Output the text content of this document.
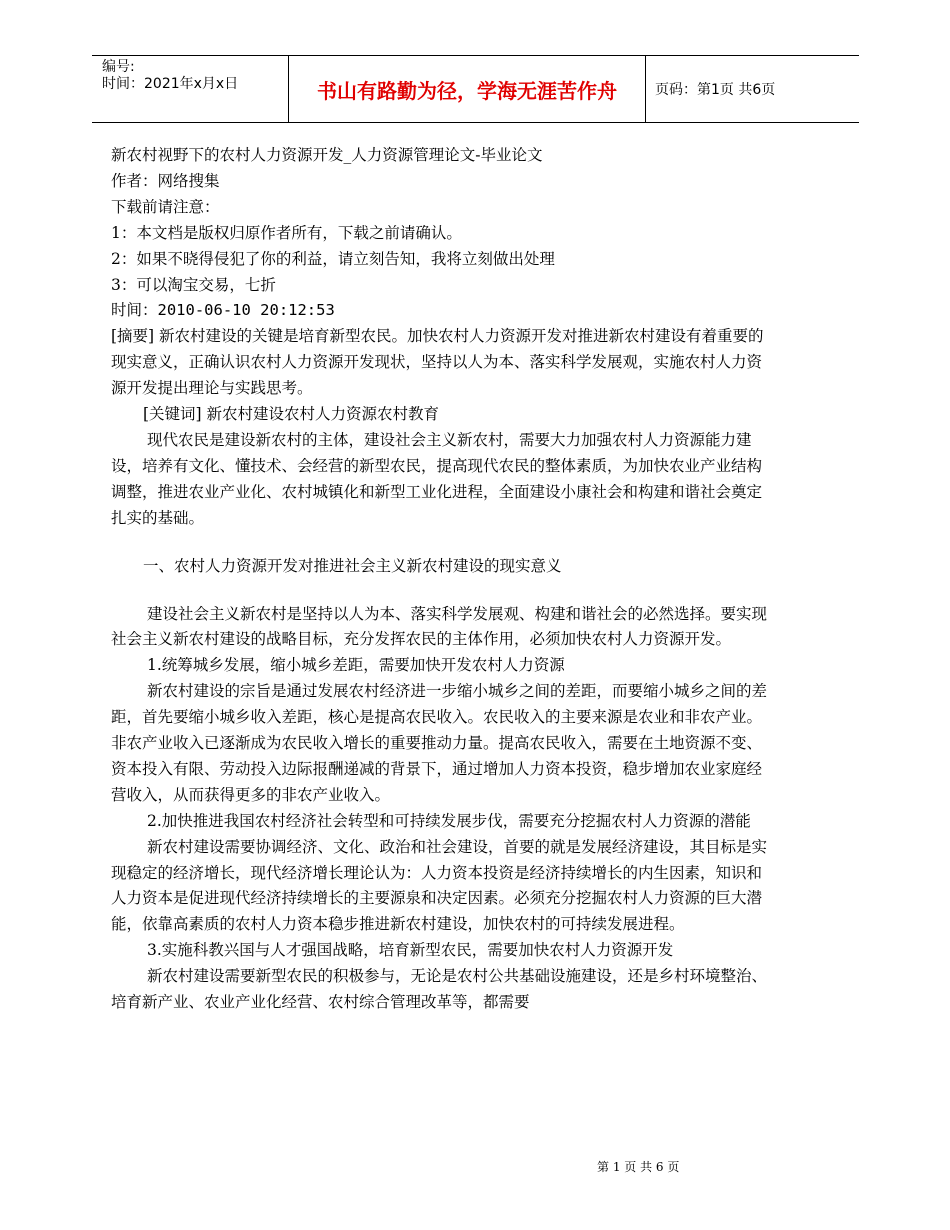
编号:
时间：2021年x月x日	书山有路勤为径，学海无涯苦作舟	页码：第1页 共6页

新农村视野下的农村人力资源开发_人力资源管理论文-毕业论文

作者：网络搜集

下载前请注意：

1：本文档是版权归原作者所有，下载之前请确认。

2：如果不晓得侵犯了你的利益，请立刻告知，我将立刻做出处理

3：可以淘宝交易，七折

时间：2010-06-10 20:12:53

[摘要] 新农村建设的关键是培育新型农民。加快农村人力资源开发对推进新农村建设有着重要的现实意义，正确认识农村人力资源开发现状，坚持以人为本、落实科学发展观，实施农村人力资源开发提出理论与实践思考。

[关键词] 新农村建设农村人力资源农村教育

现代农民是建设新农村的主体，建设社会主义新农村，需要大力加强农村人力资源能力建设，培养有文化、懂技术、会经营的新型农民，提高现代农民的整体素质，为加快农业产业结构调整，推进农业产业化、农村城镇化和新型工业化进程，全面建设小康社会和构建和谐社会奠定扎实的基础。

一、农村人力资源开发对推进社会主义新农村建设的现实意义

建设社会主义新农村是坚持以人为本、落实科学发展观、构建和谐社会的必然选择。要实现社会主义新农村建设的战略目标，充分发挥农民的主体作用，必须加快农村人力资源开发。

1.统筹城乡发展，缩小城乡差距，需要加快开发农村人力资源

新农村建设的宗旨是通过发展农村经济进一步缩小城乡之间的差距，而要缩小城乡之间的差距，首先要缩小城乡收入差距，核心是提高农民收入。农民收入的主要来源是农业和非农产业。非农产业收入已逐渐成为农民收入增长的重要推动力量。提高农民收入，需要在土地资源不变、资本投入有限、劳动投入边际报酬递减的背景下，通过增加人力资本投资，稳步增加农业家庭经营收入，从而获得更多的非农产业收入。

2.加快推进我国农村经济社会转型和可持续发展步伐，需要充分挖掘农村人力资源的潜能

新农村建设需要协调经济、文化、政治和社会建设，首要的就是发展经济建设，其目标是实现稳定的经济增长，现代经济增长理论认为：人力资本投资是经济持续增长的内生因素，知识和人力资本是促进现代经济持续增长的主要源泉和决定因素。必须充分挖掘农村人力资源的巨大潜能，依靠高素质的农村人力资本稳步推进新农村建设，加快农村的可持续发展进程。

3.实施科教兴国与人才强国战略，培育新型农民，需要加快农村人力资源开发

新农村建设需要新型农民的积极参与，无论是农村公共基础设施建设，还是乡村环境整治、培育新产业、农业产业化经营、农村综合管理改革等，都需要

第 1 页 共 6 页
